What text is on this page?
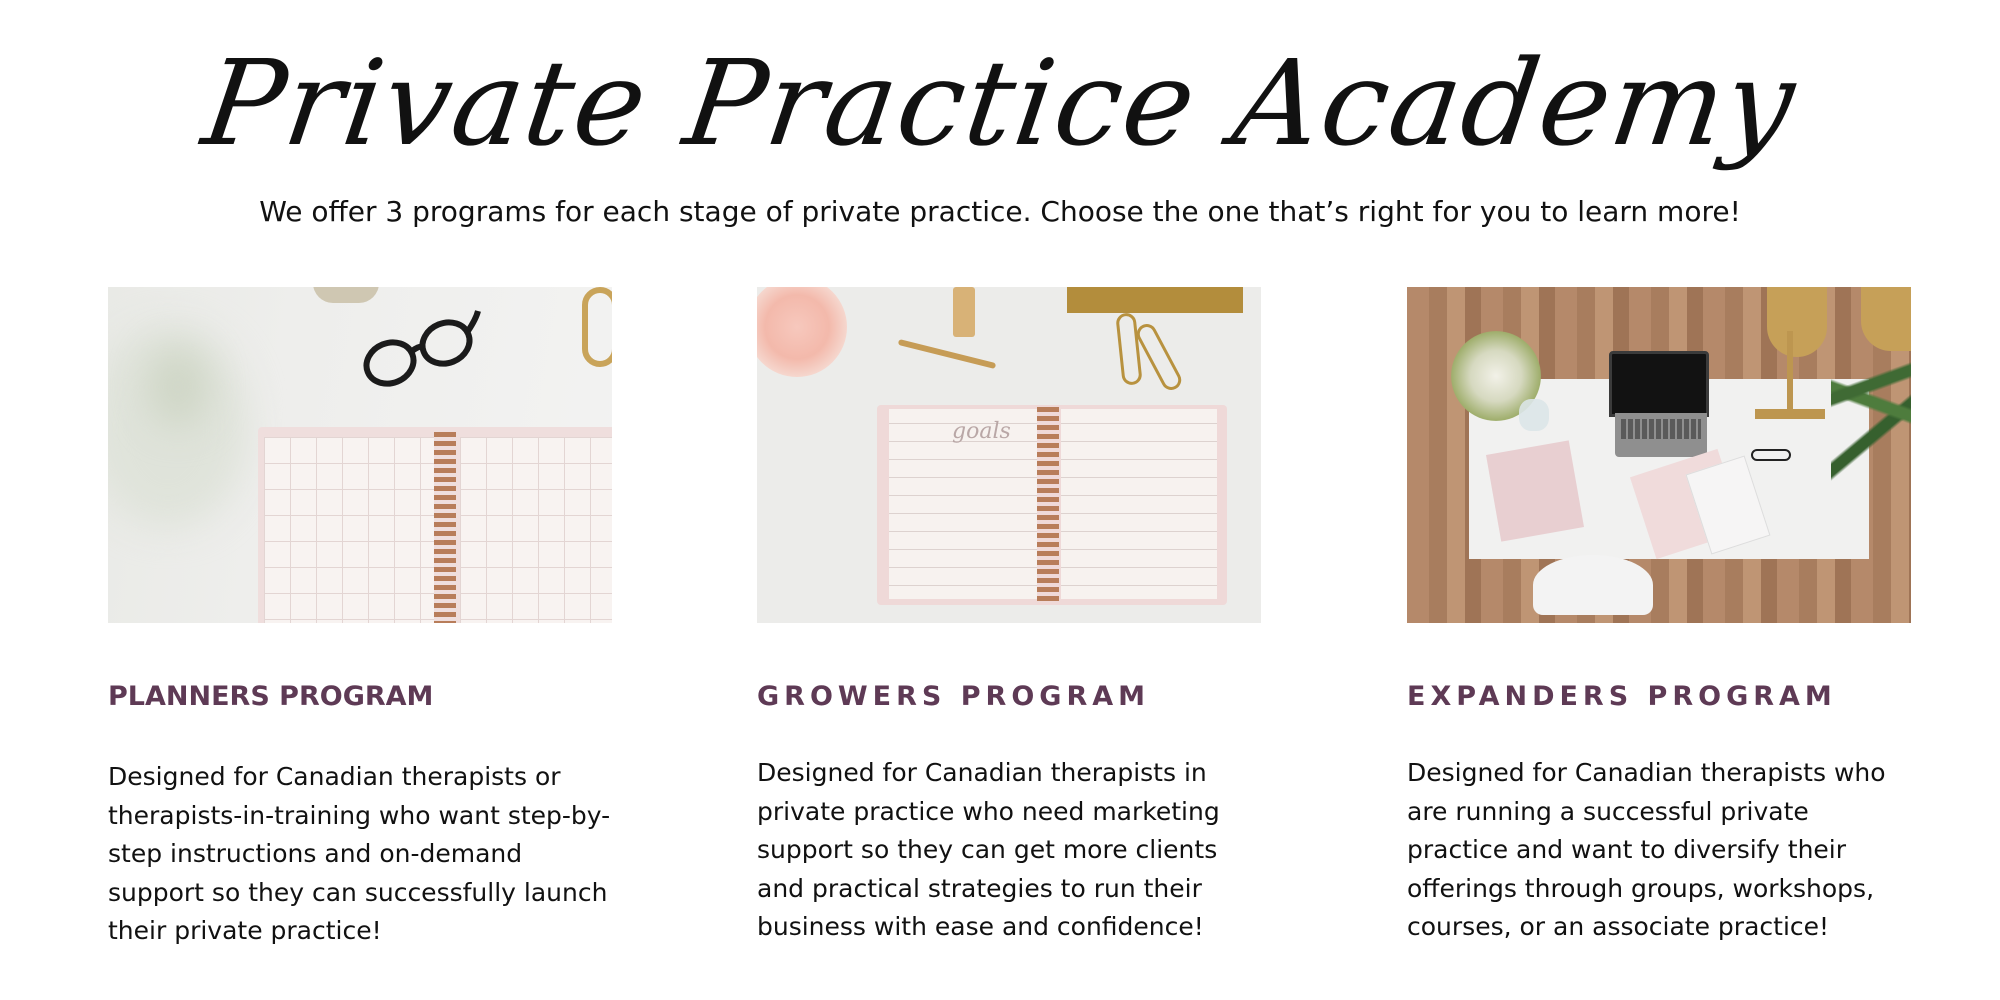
Private Practice Academy

We offer 3 programs for each stage of private practice. Choose the one that’s right for you to learn more!

PLANNERS PROGRAM

Designed for Canadian therapists or therapists-in-training who want step-by-step instructions and on-demand support so they can successfully launch their private practice!

goals
GROWERS PROGRAM

Designed for Canadian therapists in private practice who need marketing support so they can get more clients and practical strategies to run their business with ease and confidence!

EXPANDERS PROGRAM

Designed for Canadian therapists who are running a successful private practice and want to diversify their offerings through groups, workshops, courses, or an associate practice!
